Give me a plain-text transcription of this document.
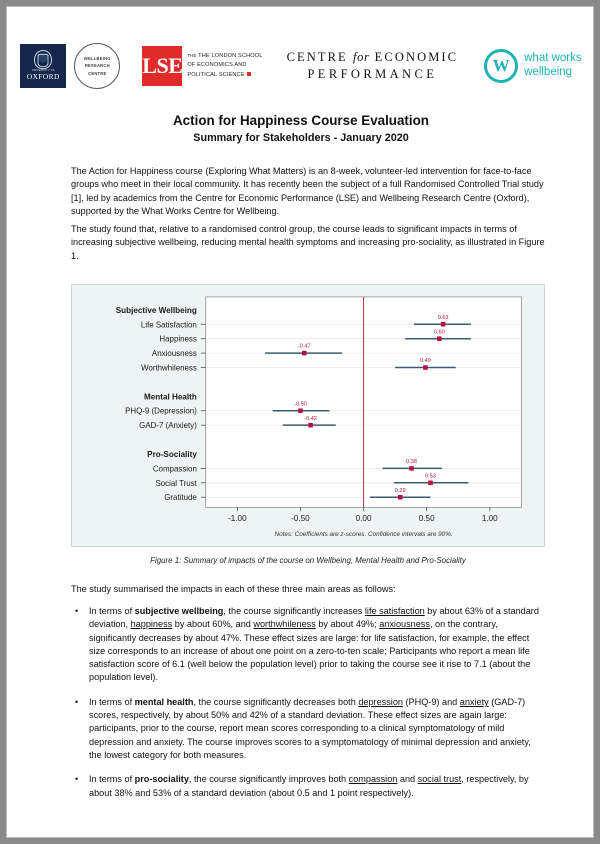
UNIVERSITY OF
OXFORD
WELLBEING
RESEARCH
CENTRE LSE THE THE LONDON SCHOOL
OF ECONOMICS AND
POLITICAL SCIENCE
CENTRE for ECONOMIC
PERFORMANCE	W	what works
wellbeing
Action for Happiness Course Evaluation
Summary for Stakeholders - January 2020

The Action for Happiness course (Exploring What Matters) is an 8-week, volunteer-led intervention for face-to-face groups who meet in their local community. It has recently been the subject of a full Randomised Controlled Trial study [1], led by academics from the Centre for Economic Performance (LSE) and Wellbeing Research Centre (Oxford), supported by the What Works Centre for Wellbeing.

The study found that, relative to a randomised control group, the course leads to significant impacts in terms of increasing subjective wellbeing, reducing mental health symptoms and increasing pro-sociality, as illustrated in Figure 1.

Subjective Wellbeing
Life Satisfaction
0.63
Happiness
0.60
Anxiousness
-0.47
Worthwhileness
0.49
Mental Health
PHQ-9 (Depression)
-0.50
GAD-7 (Anxiety)
-0.42
Pro-Sociality
Compassion
0.38
Social Trust
0.53
Gratitude
0.29
-1.00	-0.50	0.00	0.50	1.00
Notes: Coefficients are z-scores. Confidence intervals are 90%.
Figure 1: Summary of impacts of the course on Wellbeing, Mental Health and Pro-Sociality

The study summarised the impacts in each of these three main areas as follows:

•	In terms of subjective wellbeing, the course significantly increases life satisfaction by about 63% of a standard deviation, happiness by about 60%, and worthwhileness by about 49%; anxiousness, on the contrary, significantly decreases by about 47%. These effect sizes are large: for life satisfaction, for example, the effect size corresponds to an increase of about one point on a zero-to-ten scale; Participants who report a mean life satisfaction score of 6.1 (well below the population level) prior to taking the course see it rise to 7.1 (about the population level).
•	In terms of mental health, the course significantly decreases both depression (PHQ-9) and anxiety (GAD-7) scores, respectively, by about 50% and 42% of a standard deviation. These effect sizes are again large: participants, prior to the course, report mean scores corresponding to a clinical symptomatology of mild depression and anxiety. The course improves scores to a symptomatology of minimal depression and anxiety, the lowest category for both measures.
•	In terms of pro-sociality, the course significantly improves both compassion and social trust, respectively, by about 38% and 53% of a standard deviation (about 0.5 and 1 point respectively).
